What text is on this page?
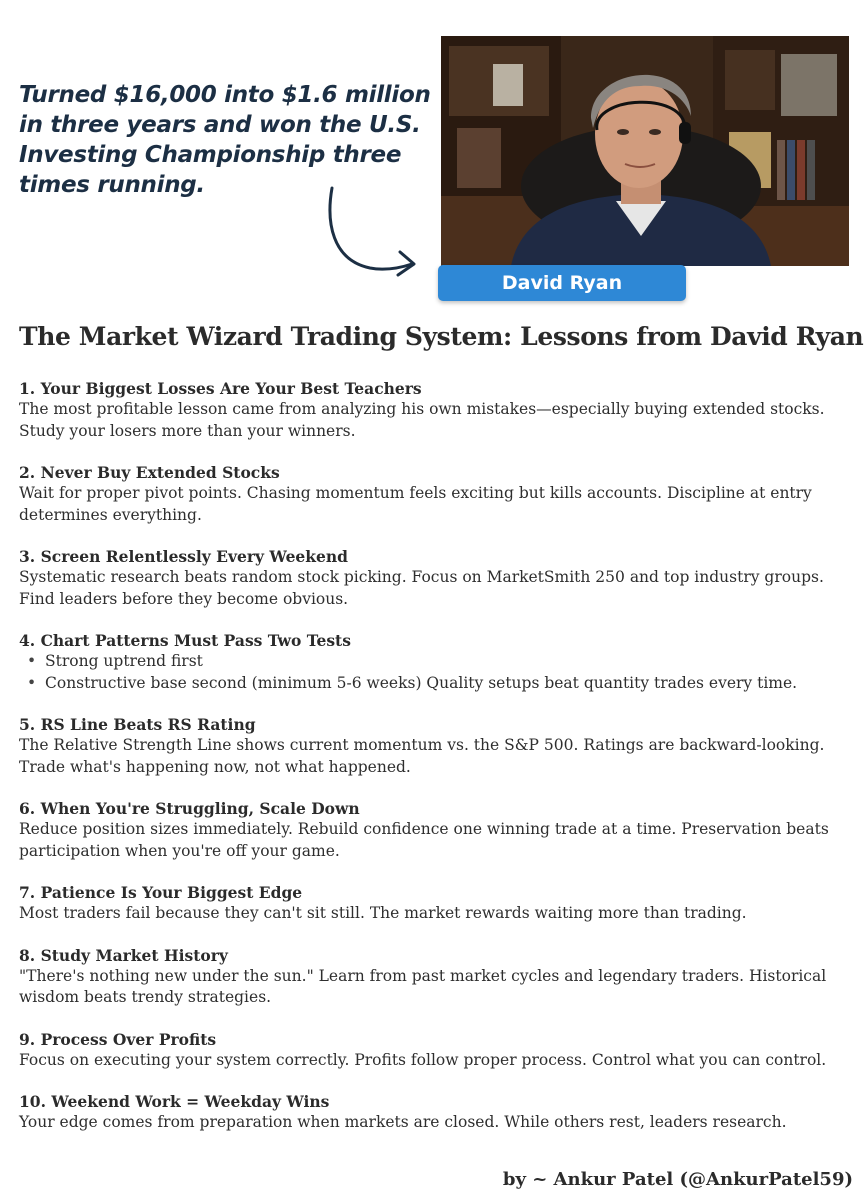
Turned $16,000 into $1.6 million in three years and won the U.S. Investing Championship three times running.

David Ryan
The Market Wizard Trading System: Lessons from David Ryan
1. Your Biggest Losses Are Your Best Teachers

The most profitable lesson came from analyzing his own mistakes—especially buying extended stocks. Study your losers more than your winners.

2. Never Buy Extended Stocks

Wait for proper pivot points. Chasing momentum feels exciting but kills accounts. Discipline at entry determines everything.

3. Screen Relentlessly Every Weekend

Systematic research beats random stock picking. Focus on MarketSmith 250 and top industry groups. Find leaders before they become obvious.

4. Chart Patterns Must Pass Two Tests
• Strong uptrend first
• Constructive base second (minimum 5-6 weeks) Quality setups beat quantity trades every time.
5. RS Line Beats RS Rating

The Relative Strength Line shows current momentum vs. the S&P 500. Ratings are backward-looking. Trade what's happening now, not what happened.

6. When You're Struggling, Scale Down

Reduce position sizes immediately. Rebuild confidence one winning trade at a time. Preservation beats participation when you're off your game.

7. Patience Is Your Biggest Edge

Most traders fail because they can't sit still. The market rewards waiting more than trading.

8. Study Market History

"There's nothing new under the sun." Learn from past market cycles and legendary traders. Historical wisdom beats trendy strategies.

9. Process Over Profits

Focus on executing your system correctly. Profits follow proper process. Control what you can control.

10. Weekend Work = Weekday Wins

Your edge comes from preparation when markets are closed. While others rest, leaders research.

by ~ Ankur Patel (@AnkurPatel59)
